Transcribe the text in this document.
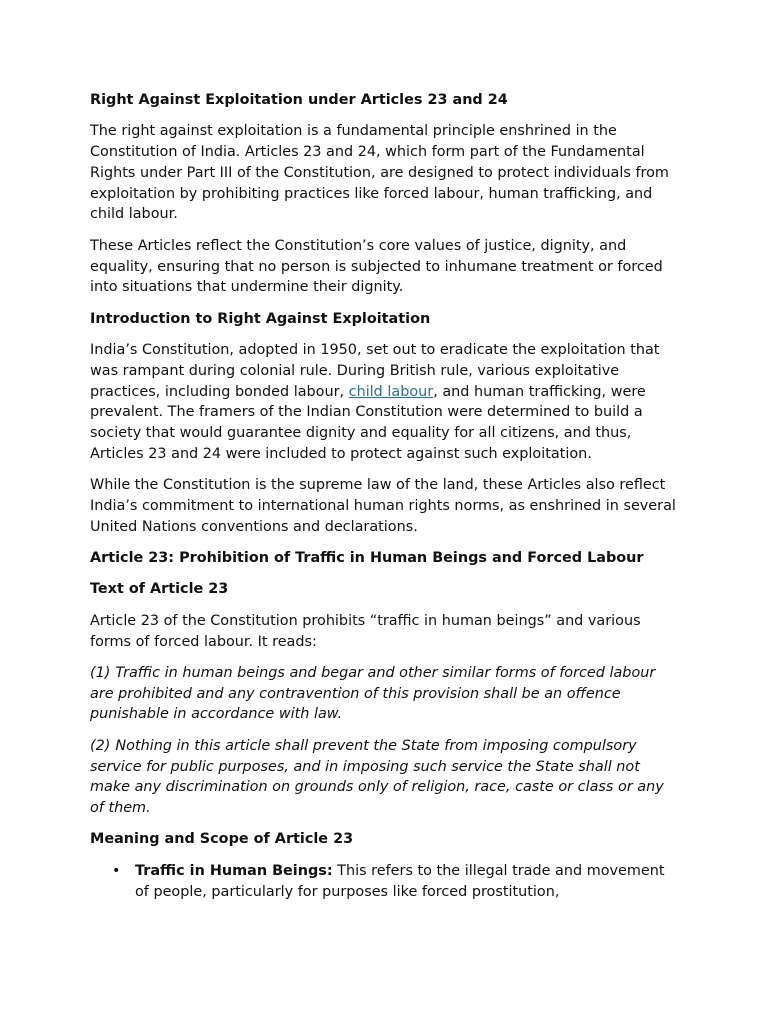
Right Against Exploitation under Articles 23 and 24

The right against exploitation is a fundamental principle enshrined in the Constitution of India. Articles 23 and 24, which form part of the Fundamental Rights under Part III of the Constitution, are designed to protect individuals from exploitation by prohibiting practices like forced labour, human trafficking, and child labour.

These Articles reflect the Constitution’s core values of justice, dignity, and equality, ensuring that no person is subjected to inhumane treatment or forced into situations that undermine their dignity.

Introduction to Right Against Exploitation

India’s Constitution, adopted in 1950, set out to eradicate the exploitation that was rampant during colonial rule. During British rule, various exploitative practices, including bonded labour, child labour, and human trafficking, were prevalent. The framers of the Indian Constitution were determined to build a society that would guarantee dignity and equality for all citizens, and thus, Articles 23 and 24 were included to protect against such exploitation.

While the Constitution is the supreme law of the land, these Articles also reflect India’s commitment to international human rights norms, as enshrined in several United Nations conventions and declarations.

Article 23: Prohibition of Traffic in Human Beings and Forced Labour
Text of Article 23

Article 23 of the Constitution prohibits “traffic in human beings” and various forms of forced labour. It reads:

(1) Traffic in human beings and begar and other similar forms of forced labour are prohibited and any contravention of this provision shall be an offence punishable in accordance with law.

(2) Nothing in this article shall prevent the State from imposing compulsory service for public purposes, and in imposing such service the State shall not make any discrimination on grounds only of religion, race, caste or class or any of them.

Meaning and Scope of Article 23
• Traffic in Human Beings: This refers to the illegal trade and movement of people, particularly for purposes like forced prostitution,
